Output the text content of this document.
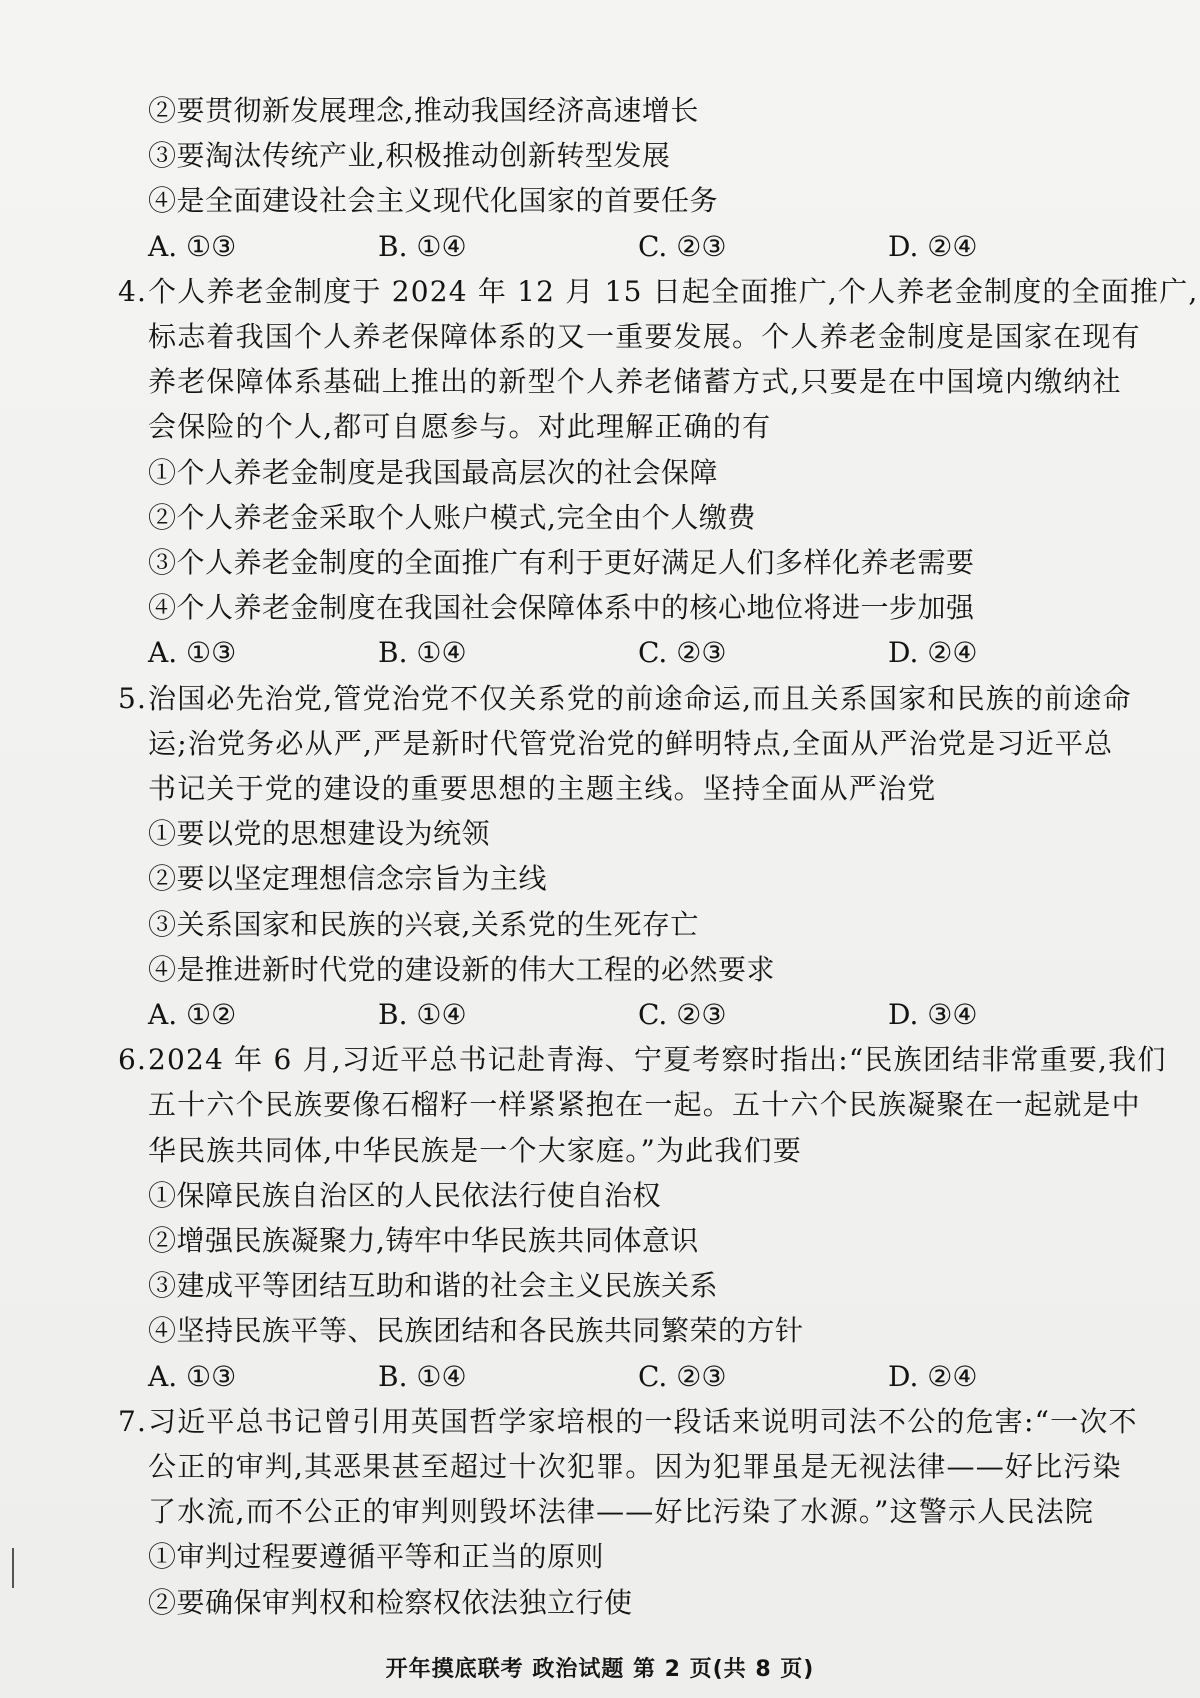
②要贯彻新发展理念,推动我国经济高速增长
③要淘汰传统产业,积极推动创新转型发展
④是全面建设社会主义现代化国家的首要任务
A. ①③	B. ①④	C. ②③	D. ②④
4.个人养老金制度于 2024 年 12 月 15 日起全面推广,个人养老金制度的全面推广,
标志着我国个人养老保障体系的又一重要发展。个人养老金制度是国家在现有
养老保障体系基础上推出的新型个人养老储蓄方式,只要是在中国境内缴纳社
会保险的个人,都可自愿参与。对此理解正确的有
①个人养老金制度是我国最高层次的社会保障
②个人养老金采取个人账户模式,完全由个人缴费
③个人养老金制度的全面推广有利于更好满足人们多样化养老需要
④个人养老金制度在我国社会保障体系中的核心地位将进一步加强
A. ①③	B. ①④	C. ②③	D. ②④
5.治国必先治党,管党治党不仅关系党的前途命运,而且关系国家和民族的前途命
运;治党务必从严,严是新时代管党治党的鲜明特点,全面从严治党是习近平总
书记关于党的建设的重要思想的主题主线。坚持全面从严治党
①要以党的思想建设为统领
②要以坚定理想信念宗旨为主线
③关系国家和民族的兴衰,关系党的生死存亡
④是推进新时代党的建设新的伟大工程的必然要求
A. ①②	B. ①④	C. ②③	D. ③④
6.2024 年 6 月,习近平总书记赴青海、宁夏考察时指出:“民族团结非常重要,我们
五十六个民族要像石榴籽一样紧紧抱在一起。五十六个民族凝聚在一起就是中
华民族共同体,中华民族是一个大家庭。”为此我们要
①保障民族自治区的人民依法行使自治权
②增强民族凝聚力,铸牢中华民族共同体意识
③建成平等团结互助和谐的社会主义民族关系
④坚持民族平等、民族团结和各民族共同繁荣的方针
A. ①③	B. ①④	C. ②③	D. ②④
7.习近平总书记曾引用英国哲学家培根的一段话来说明司法不公的危害:“一次不
公正的审判,其恶果甚至超过十次犯罪。因为犯罪虽是无视法律——好比污染
了水流,而不公正的审判则毁坏法律——好比污染了水源。”这警示人民法院
①审判过程要遵循平等和正当的原则
②要确保审判权和检察权依法独立行使
开年摸底联考 政治试题 第 2 页(共 8 页)
